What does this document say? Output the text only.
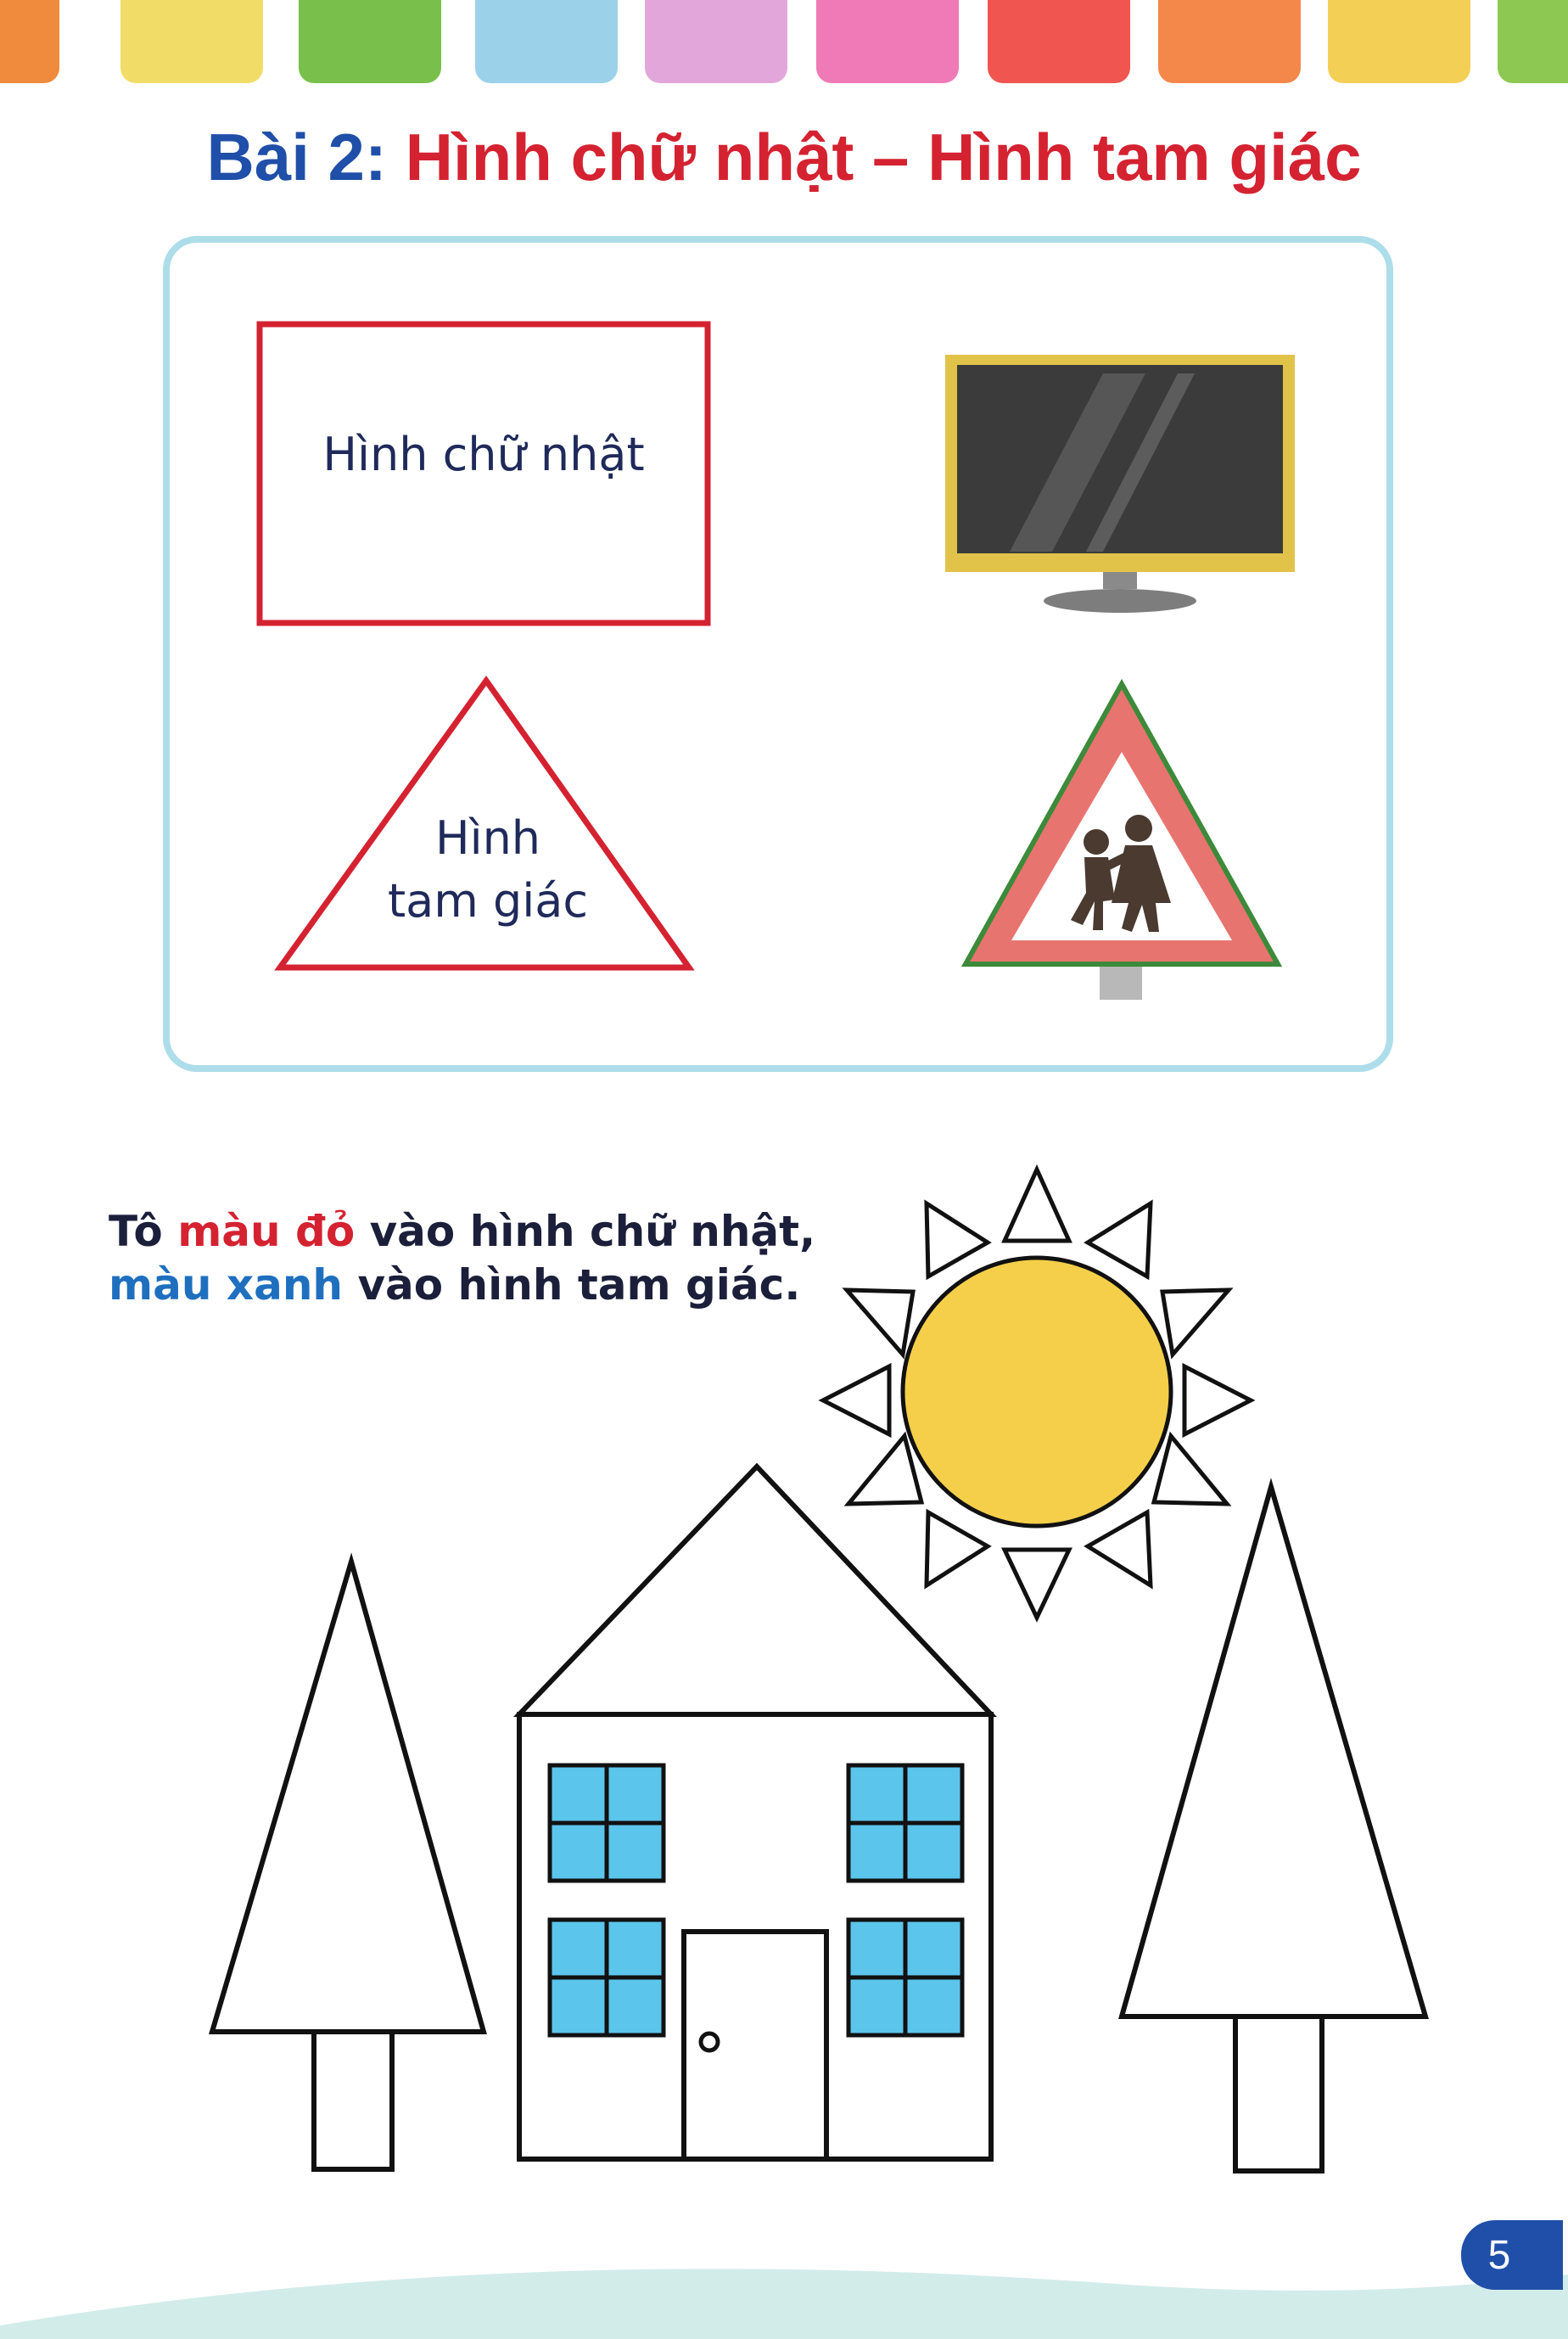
Bài 2: Hình chữ nhật – Hình tam giác
Hình chữ nhật
Hình
tam giác
Tô màu đỏ vào hình chữ nhật,
màu xanh vào hình tam giác.
5
